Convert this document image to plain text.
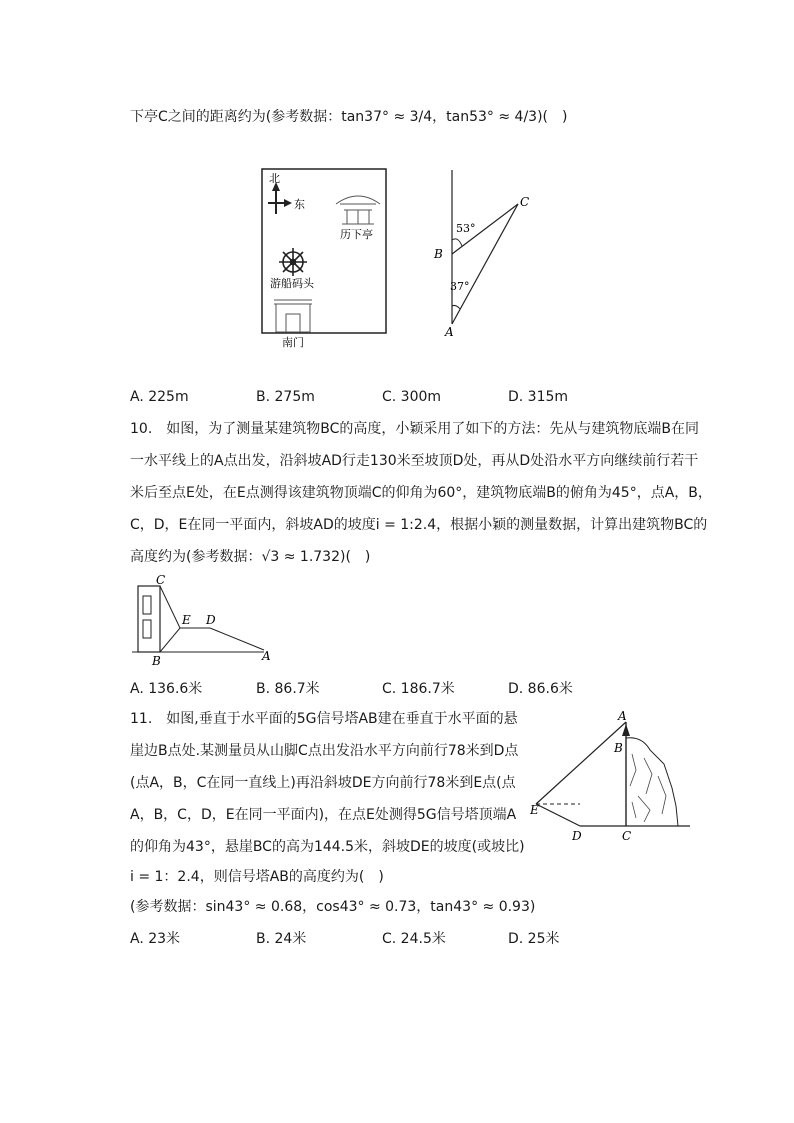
下亭C之间的距离约为(参考数据：tan37° ≈ 3/4，tan53° ≈ 4/3)(　)
北
东
历下亭
游船码头
南门
C
B
A
53°
37°
A. 225m	B. 275m	C. 300m	D. 315m
10.　如图，为了测量某建筑物BC的高度，小颖采用了如下的方法：先从与建筑物底端B在同
一水平线上的A点出发，沿斜坡AD行走130米至坡顶D处，再从D处沿水平方向继续前行若干
米后至点E处，在E点测得该建筑物顶端C的仰角为60°，建筑物底端B的俯角为45°，点A，B，
C，D，E在同一平面内，斜坡AD的坡度i = 1:2.4，根据小颖的测量数据，计算出建筑物BC的
高度约为(参考数据：√3 ≈ 1.732)(　)
C
E D
B	A
A. 136.6米	B. 86.7米	C. 186.7米	D. 86.6米
11.　如图,垂直于水平面的5G信号塔AB建在垂直于水平面的悬
崖边B点处.某测量员从山脚C点出发沿水平方向前行78米到D点
(点A，B，C在同一直线上)再沿斜坡DE方向前行78米到E点(点
A，B，C，D，E在同一平面内)，在点E处测得5G信号塔顶端A
的仰角为43°，悬崖BC的高为144.5米，斜坡DE的坡度(或坡比)
i = 1：2.4，则信号塔AB的高度约为(　)
(参考数据：sin43° ≈ 0.68，cos43° ≈ 0.73，tan43° ≈ 0.93)
A
B
E
D	C
A. 23米	B. 24米	C. 24.5米	D. 25米
